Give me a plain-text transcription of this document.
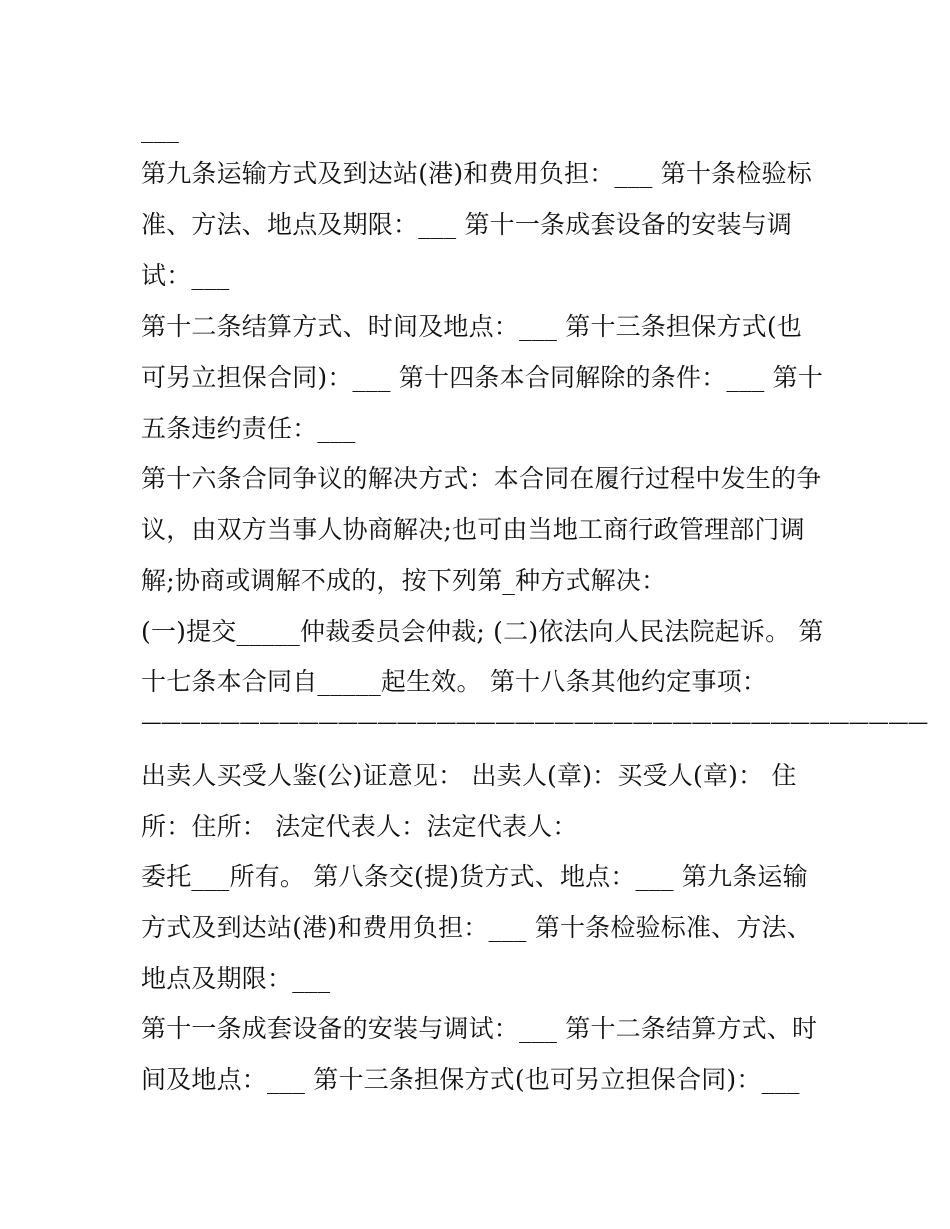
___
第九条运输方式及到达站(港)和费用负担：___ 第十条检验标
准、方法、地点及期限：___ 第十一条成套设备的安装与调
试：___
第十二条结算方式、时间及地点：___ 第十三条担保方式(也
可另立担保合同)：___ 第十四条本合同解除的条件：___ 第十
五条违约责任：___
第十六条合同争议的解决方式：本合同在履行过程中发生的争
议，由双方当事人协商解决;也可由当地工商行政管理部门调
解;协商或调解不成的，按下列第_种方式解决：
(一)提交_____仲裁委员会仲裁; (二)依法向人民法院起诉。 第
十七条本合同自_____起生效。 第十八条其他约定事项：
————————————————————————————————————————
出卖人买受人鉴(公)证意见： 出卖人(章)：买受人(章)： 住
所：住所： 法定代表人：法定代表人：
委托___所有。 第八条交(提)货方式、地点：___ 第九条运输
方式及到达站(港)和费用负担：___ 第十条检验标准、方法、
地点及期限：___
第十一条成套设备的安装与调试：___ 第十二条结算方式、时
间及地点：___ 第十三条担保方式(也可另立担保合同)：___
